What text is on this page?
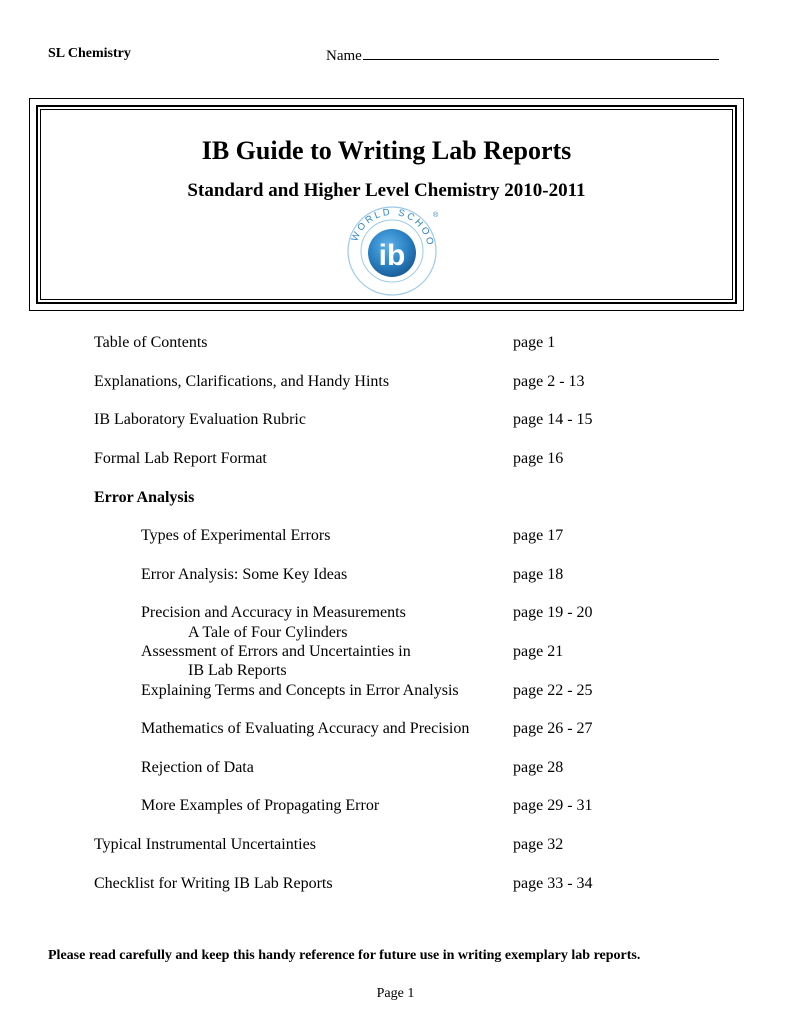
SL Chemistry	Name
IB Guide to Writing Lab Reports
Standard and Higher Level Chemistry 2010-2011
WORLD SCHOO
ib
®
Table of Contents	page 1
Explanations, Clarifications, and Handy Hints	page 2 - 13
IB Laboratory Evaluation Rubric	page 14 - 15
Formal Lab Report Format	page 16
Error Analysis
Types of Experimental Errors	page 17
Error Analysis: Some Key Ideas	page 18
Precision and Accuracy in Measurements	page 19 - 20
A Tale of Four Cylinders
Assessment of Errors and Uncertainties in	page 21
IB Lab Reports
Explaining Terms and Concepts in Error Analysis	page 22 - 25
Mathematics of Evaluating Accuracy and Precision	page 26 - 27
Rejection of Data	page 28
More Examples of Propagating Error	page 29 - 31
Typical Instrumental Uncertainties	page 32
Checklist for Writing IB Lab Reports	page 33 - 34
Please read carefully and keep this handy reference for future use in writing exemplary lab reports.
Page 1
